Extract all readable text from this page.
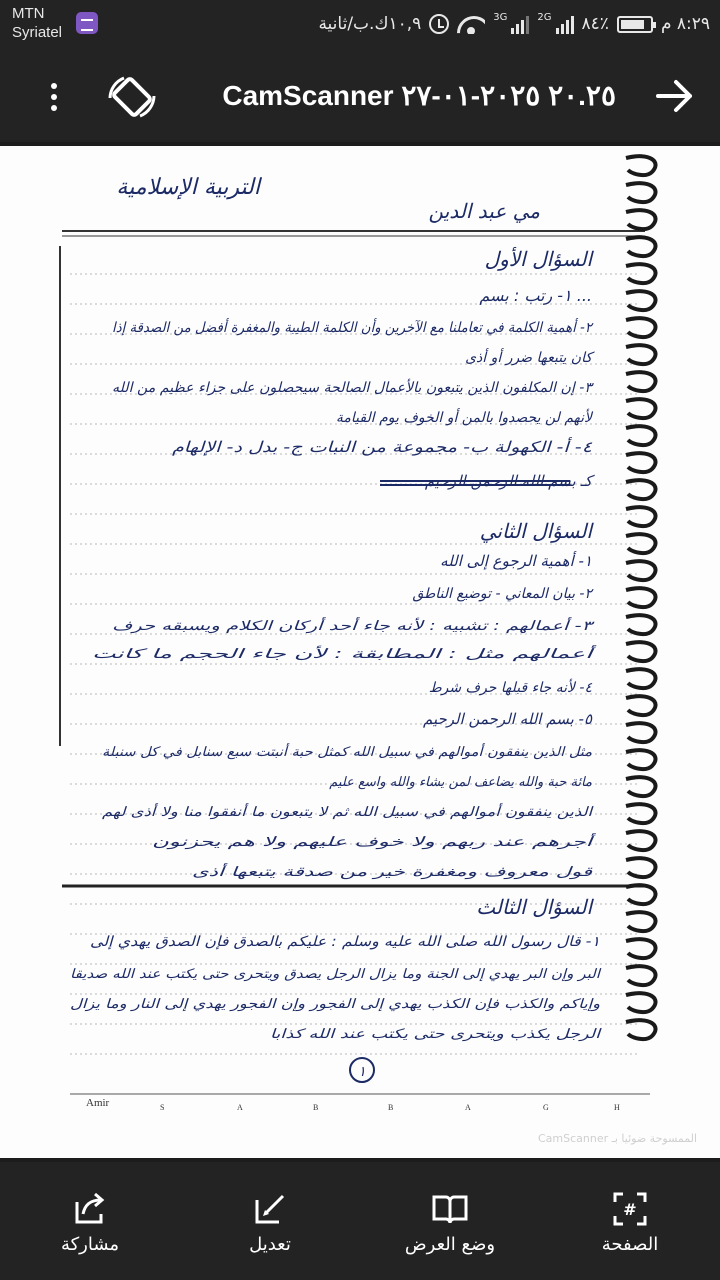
MTN
Syriatel	١٠,٩ك.ب/ثانية	3G	2G ٨٤٪	٨:٢٩ م
CamScanner ٢٠.٢٥ ٢٠٢٥-٠١-٢٧
التربية الإسلامية
مي عبد الدين
السؤال الأول
١- رتب : بسم ...
٢- أهمية الكلمة في تعاملنا مع الآخرين وأن الكلمة الطيبة والمغفرة أفضل من الصدقة إذا
كان يتبعها ضرر أو أذى
٣- إن المكلفون الذين يتبعون بالأعمال الصالحة سيحصلون على جزاء عظيم من الله
لأنهم لن يحصدوا بالمن أو الخوف يوم القيامة
٤- أ- الكهولة ب- مجموعة من النبات ج- بدل د- الإلهام
كـ بسم الله الرحمن الرحيم
السؤال الثاني
١- أهمية الرجوع إلى الله
٢- بيان المعاني - توضيع الناطق
٣- أعمالهم : تشبيه : لأنه جاء أحد أركان الكلام ويسبقه حرف
أعمالهم مثل : المطابقة : لأن جاء الحجم ما كانت
٤- لأنه جاء قبلها حرف شرط
٥- بسم الله الرحمن الرحيم
مثل الذين ينفقون أموالهم في سبيل الله كمثل حبة أنبتت سبع سنابل في كل سنبلة
مائة حبة والله يضاعف لمن يشاء والله واسع عليم
الذين ينفقون أموالهم في سبيل الله ثم لا يتبعون ما أنفقوا منا ولا أذى لهم
أجرهم عند ربهم ولا خوف عليهم ولا هم يحزنون
قول معروف ومغفرة خير من صدقة يتبعها أذى
السؤال الثالث
١- قال رسول الله صلى الله عليه وسلم : عليكم بالصدق فإن الصدق يهدي إلى
البر وإن البر يهدي إلى الجنة وما يزال الرجل يصدق ويتحرى حتى يكتب عند الله صديقا
وإياكم والكذب فإن الكذب يهدي إلى الفجور وإن الفجور يهدي إلى النار وما يزال
الرجل يكذب ويتحرى حتى يكتب عند الله كذابا
١
Amir	S	A	B	B	A	G	H
الممسوحة ضوئيا بـ CamScanner
مشاركة	تعديل	وضع العرض
#
الصفحة
